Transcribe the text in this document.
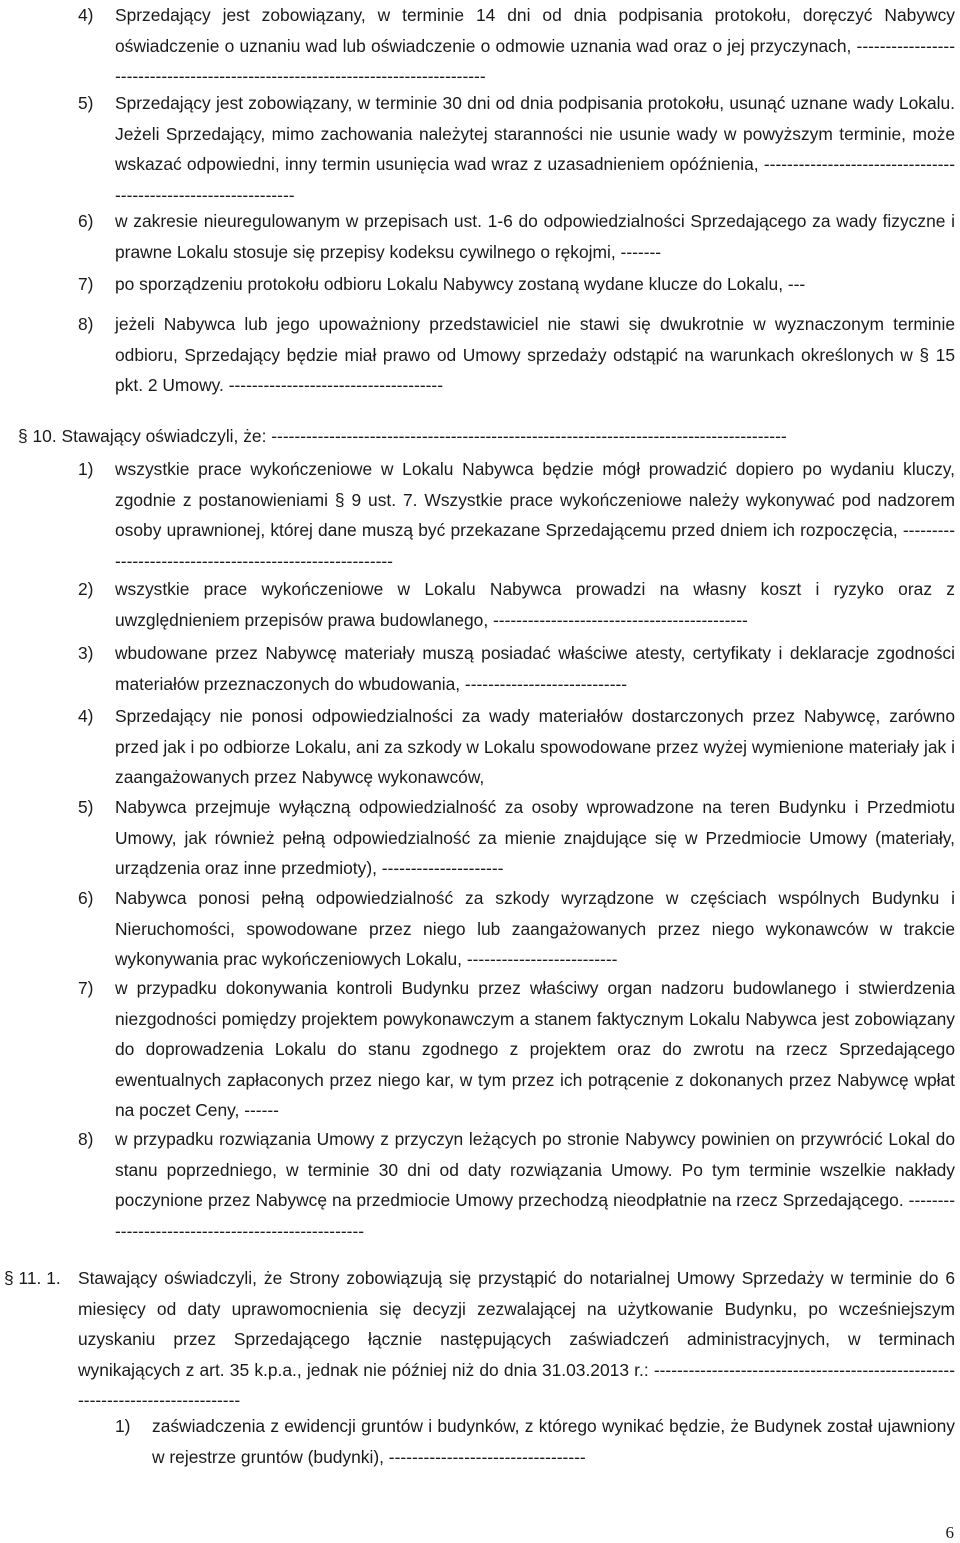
4) Sprzedający jest zobowiązany, w terminie 14 dni od dnia podpisania protokołu, doręczyć Nabywcy oświadczenie o uznaniu wad lub oświadczenie o odmowie uznania wad oraz o jej przyczynach, ---------------------------------------------------------------------------------
5) Sprzedający jest zobowiązany, w terminie 30 dni od dnia podpisania protokołu, usunąć uznane wady Lokalu. Jeżeli Sprzedający, mimo zachowania należytej staranności nie usunie wady w powyższym terminie, może wskazać odpowiedni, inny termin usunięcia wad wraz z uzasadnieniem opóźnienia, ----------------------------------------------------------------
6) w zakresie nieuregulowanym w przepisach ust. 1-6 do odpowiedzialności Sprzedającego za wady fizyczne i prawne Lokalu stosuje się przepisy kodeksu cywilnego o rękojmi, -------
7) po sporządzeniu protokołu odbioru Lokalu Nabywcy zostaną wydane klucze do Lokalu, ---
8) jeżeli Nabywca lub jego upoważniony przedstawiciel nie stawi się dwukrotnie w wyznaczonym terminie odbioru, Sprzedający będzie miał prawo od Umowy sprzedaży odstąpić na warunkach określonych w § 15 pkt. 2 Umowy. -------------------------------------
§ 10. Stawający oświadczyli, że: -----------------------------------------------------------------------------------------
1) wszystkie prace wykończeniowe w Lokalu Nabywca będzie mógł prowadzić dopiero po wydaniu kluczy, zgodnie z postanowieniami § 9 ust. 7. Wszystkie prace wykończeniowe należy wykonywać pod nadzorem osoby uprawnionej, której dane muszą być przekazane Sprzedającemu przed dniem ich rozpoczęcia, ---------------------------------------------------------
2) wszystkie prace wykończeniowe w Lokalu Nabywca prowadzi na własny koszt i ryzyko oraz z uwzględnieniem przepisów prawa budowlanego, --------------------------------------------
3) wbudowane przez Nabywcę materiały muszą posiadać właściwe atesty, certyfikaty i deklaracje zgodności materiałów przeznaczonych do wbudowania, ----------------------------
4) Sprzedający nie ponosi odpowiedzialności za wady materiałów dostarczonych przez Nabywcę, zarówno przed jak i po odbiorze Lokalu, ani za szkody w Lokalu spowodowane przez wyżej wymienione materiały jak i zaangażowanych przez Nabywcę wykonawców,
5) Nabywca przejmuje wyłączną odpowiedzialność za osoby wprowadzone na teren Budynku i Przedmiotu Umowy, jak również pełną odpowiedzialność za mienie znajdujące się w Przedmiocie Umowy (materiały, urządzenia oraz inne przedmioty), ---------------------
6) Nabywca ponosi pełną odpowiedzialność za szkody wyrządzone w częściach wspólnych Budynku i Nieruchomości, spowodowane przez niego lub zaangażowanych przez niego wykonawców w trakcie wykonywania prac wykończeniowych Lokalu, --------------------------
7) w przypadku dokonywania kontroli Budynku przez właściwy organ nadzoru budowlanego i stwierdzenia niezgodności pomiędzy projektem powykonawczym a stanem faktycznym Lokalu Nabywca jest zobowiązany do doprowadzenia Lokalu do stanu zgodnego z projektem oraz do zwrotu na rzecz Sprzedającego ewentualnych zapłaconych przez niego kar, w tym przez ich potrącenie z dokonanych przez Nabywcę wpłat na poczet Ceny, ------
8) w przypadku rozwiązania Umowy z przyczyn leżących po stronie Nabywcy powinien on przywrócić Lokal do stanu poprzedniego, w terminie 30 dni od daty rozwiązania Umowy. Po tym terminie wszelkie nakłady poczynione przez Nabywcę na przedmiocie Umowy przechodzą nieodpłatnie na rzecz Sprzedającego. ---------------------------------------------------
§ 11. 1. Stawający oświadczyli, że Strony zobowiązują się przystąpić do notarialnej Umowy Sprzedaży w terminie do 6 miesięcy od daty uprawomocnienia się decyzji zezwalającej na użytkowanie Budynku, po wcześniejszym uzyskaniu przez Sprzedającego łącznie następujących zaświadczeń administracyjnych, w terminach wynikających z art. 35 k.p.a., jednak nie później niż do dnia 31.03.2013 r.: --------------------------------------------------------------------------------
1) zaświadczenia z ewidencji gruntów i budynków, z którego wynikać będzie, że Budynek został ujawniony w rejestrze gruntów (budynki), ----------------------------------
6
